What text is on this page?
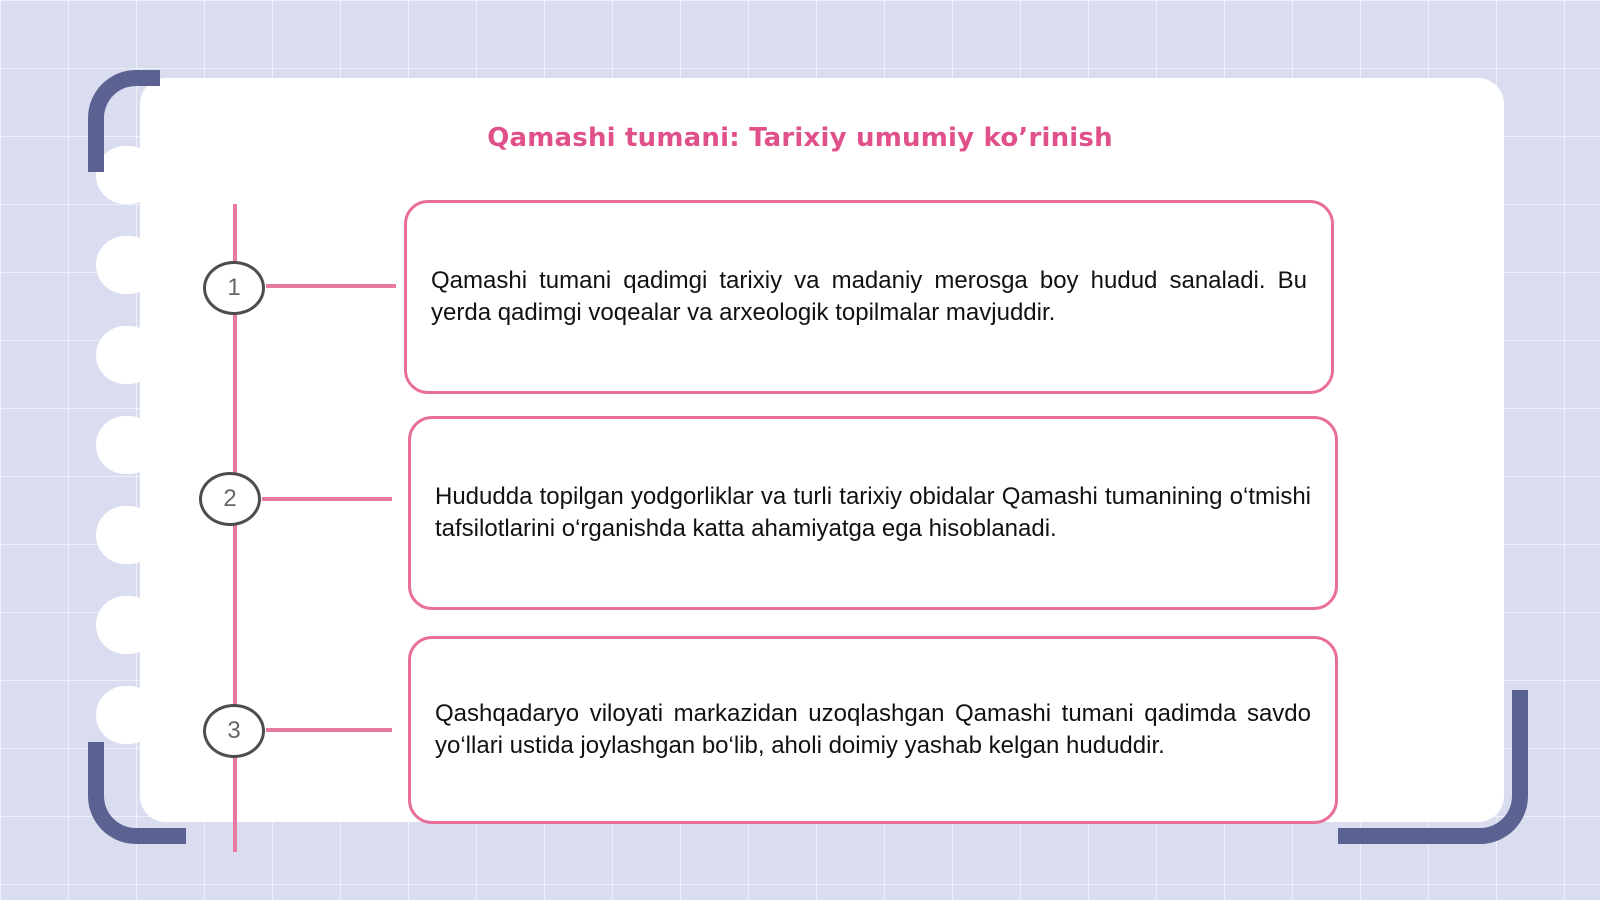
Qamashi tumani: Tarixiy umumiy ko’rinish
1	Qamashi tumani qadimgi tarixiy va madaniy merosga boy hudud sanaladi. Bu yerda qadimgi voqealar va arxeologik topilmalar mavjuddir.
2	Hududda topilgan yodgorliklar va turli tarixiy obidalar Qamashi tumanining o‘tmishi tafsilotlarini o‘rganishda katta ahamiyatga ega hisoblanadi.
3
Qashqadaryo viloyati markazidan uzoqlashgan Qamashi tumani qadimda savdo yo‘llari ustida joylashgan bo‘lib, aholi doimiy yashab kelgan hududdir.
